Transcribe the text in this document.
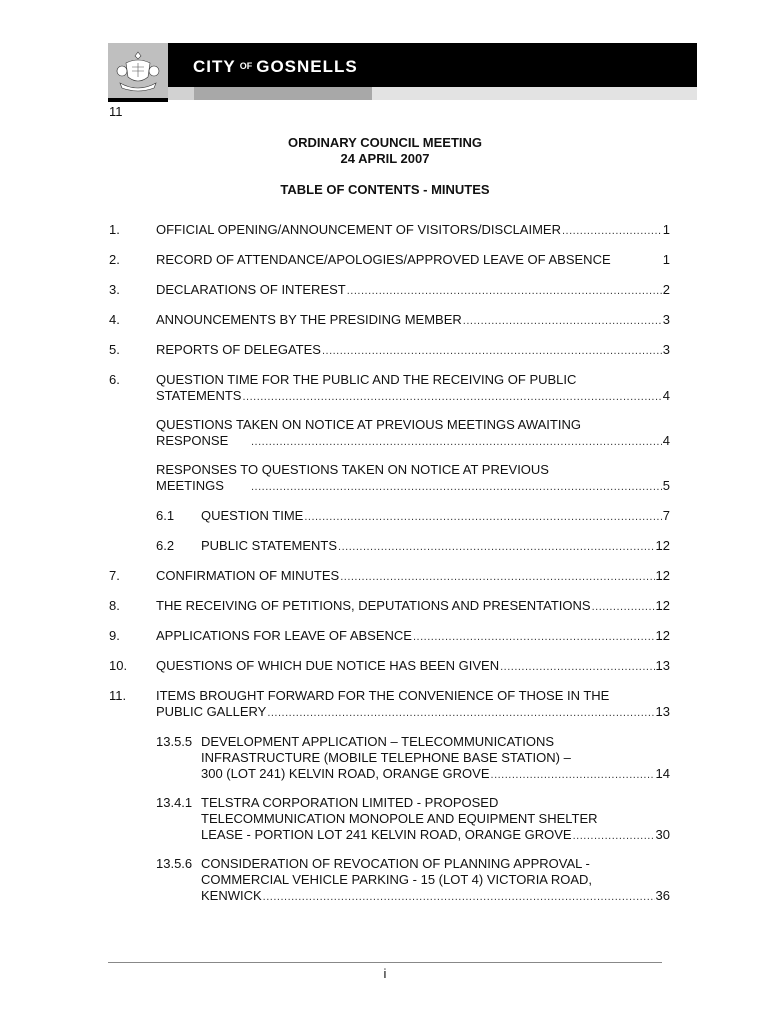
CITY OF GOSNELLS
11
ORDINARY COUNCIL MEETING
24 APRIL 2007
TABLE OF CONTENTS - MINUTES
1.	OFFICIAL OPENING/ANNOUNCEMENT OF VISITORS/DISCLAIMER .....	1
2.	RECORD OF ATTENDANCE/APOLOGIES/APPROVED LEAVE OF ABSENCE	1
3.	DECLARATIONS OF INTEREST .....	2
4.	ANNOUNCEMENTS BY THE PRESIDING MEMBER .....	3
5.	REPORTS OF DELEGATES .....	3
6.	QUESTION TIME FOR THE PUBLIC AND THE RECEIVING OF PUBLIC
STATEMENTS .....	4
QUESTIONS TAKEN ON NOTICE AT PREVIOUS MEETINGS AWAITING
RESPONSE .....	4
RESPONSES TO QUESTIONS TAKEN ON NOTICE AT PREVIOUS
MEETINGS .....	5
6.1 QUESTION TIME .....	7
6.2 PUBLIC STATEMENTS .....	12
7.	CONFIRMATION OF MINUTES .....	12
8.	THE RECEIVING OF PETITIONS, DEPUTATIONS AND PRESENTATIONS .....	12
9.	APPLICATIONS FOR LEAVE OF ABSENCE .....	12
10. QUESTIONS OF WHICH DUE NOTICE HAS BEEN GIVEN .....	13
11. ITEMS BROUGHT FORWARD FOR THE CONVENIENCE OF THOSE IN THE
PUBLIC GALLERY .....	13
13.5.5 DEVELOPMENT APPLICATION – TELECOMMUNICATIONS
INFRASTRUCTURE (MOBILE TELEPHONE BASE STATION) –
300 (LOT 241) KELVIN ROAD, ORANGE GROVE .....	14
13.4.1 TELSTRA CORPORATION LIMITED - PROPOSED
TELECOMMUNICATION MONOPOLE AND EQUIPMENT SHELTER
LEASE - PORTION LOT 241 KELVIN ROAD, ORANGE GROVE .....	30
13.5.6 CONSIDERATION OF REVOCATION OF PLANNING APPROVAL -
COMMERCIAL VEHICLE PARKING - 15 (LOT 4) VICTORIA ROAD,
KENWICK .....	36
i
